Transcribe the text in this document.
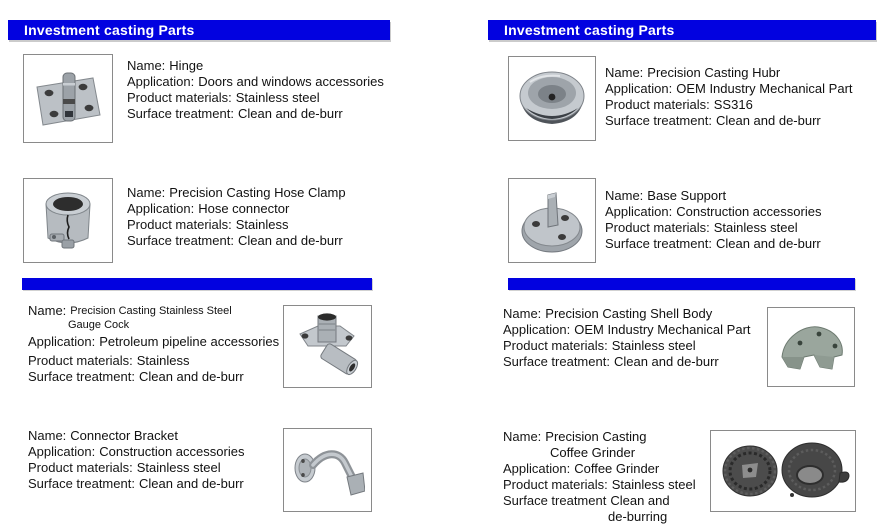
Investment casting Parts
Name: Hinge
Application: Doors and windows accessories
Product materials: Stainless steel
Surface treatment: Clean and de-burr
Name: Precision Casting Hose Clamp
Application: Hose connector
Product materials: Stainless
Surface treatment: Clean and de-burr
Name: Precision Casting Stainless Steel
Gauge Cock
Application: Petroleum pipeline accessories
Product materials: Stainless
Surface treatment: Clean and de-burr
Name: Connector Bracket
Application: Construction accessories
Product materials: Stainless steel
Surface treatment: Clean and de-burr
Investment casting Parts
Name: Precision Casting Hubr
Application: OEM Industry Mechanical Part
Product materials: SS316
Surface treatment: Clean and de-burr
Name: Base Support
Application: Construction accessories
Product materials: Stainless steel
Surface treatment: Clean and de-burr
Name: Precision Casting Shell Body
Application: OEM Industry Mechanical Part
Product materials: Stainless steel
Surface treatment: Clean and de-burr
Name: Precision Casting
Coffee Grinder
Application: Coffee Grinder
Product materials: Stainless steel
Surface treatment Clean and
de-burring
